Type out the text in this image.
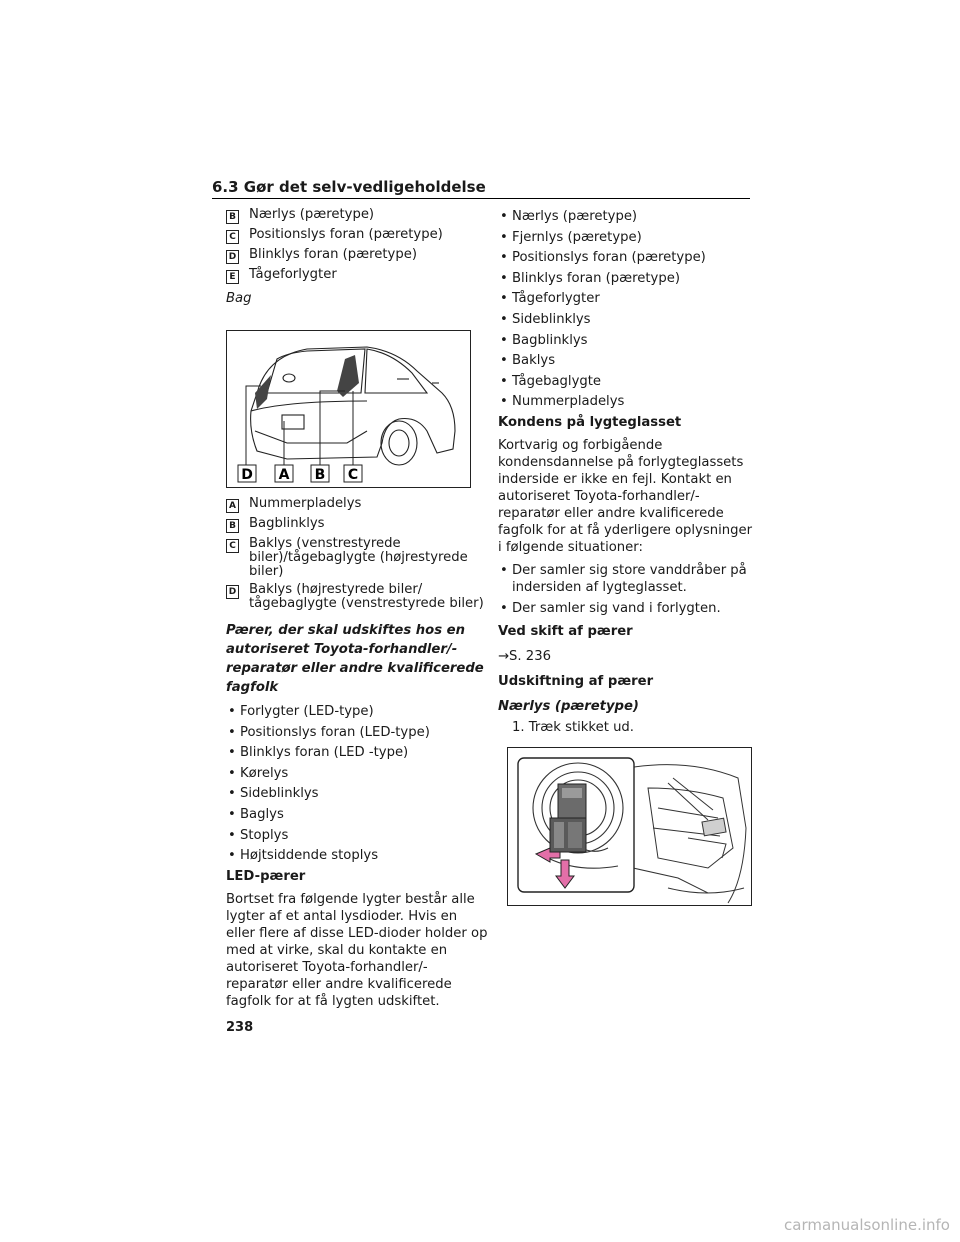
6.3 Gør det selv-vedligeholdelse
B Nærlys (pæretype)
C Positionslys foran (pæretype)
D Blinklys foran (pæretype)
E Tågeforlygter
Bag
D A B C
A Nummerpladelys
B Bagblinklys
C Baklys (venstrestyrede biler)/tågebaglygte (højrestyrede biler)
D Baklys (højrestyrede biler/ tågebaglygte (venstrestyrede biler)
Pærer, der skal udskiftes hos en autoriseret Toyota-forhandler/- reparatør eller andre kvalificerede fagfolk
• Forlygter (LED-type)
• Positionslys foran (LED-type)
• Blinklys foran (LED -type)
• Kørelys
• Sideblinklys
• Baglys
• Stoplys
• Højtsiddende stoplys
LED-pærer
Bortset fra følgende lygter består alle lygter af et antal lysdioder. Hvis en eller flere af disse LED-dioder holder op med at virke, skal du kontakte en autoriseret Toyota-forhandler/-reparatør eller andre kvalificerede fagfolk for at få lygten udskiftet.
• Nærlys (pæretype)
• Fjernlys (pæretype)
• Positionslys foran (pæretype)
• Blinklys foran (pæretype)
• Tågeforlygter
• Sideblinklys
• Bagblinklys
• Baklys
• Tågebaglygte
• Nummerpladelys
Kondens på lygteglasset
Kortvarig og forbigående kondensdannelse på forlygteglassets inderside er ikke en fejl. Kontakt en autoriseret Toyota-forhandler/- reparatør eller andre kvalificerede fagfolk for at få yderligere oplysninger i følgende situationer:
• Der samler sig store vanddråber på indersiden af lygteglasset.
• Der samler sig vand i forlygten.
Ved skift af pærer
→S. 236
Udskiftning af pærer
Nærlys (pæretype)
1. Træk stikket ud.
238
carmanualsonline.info
